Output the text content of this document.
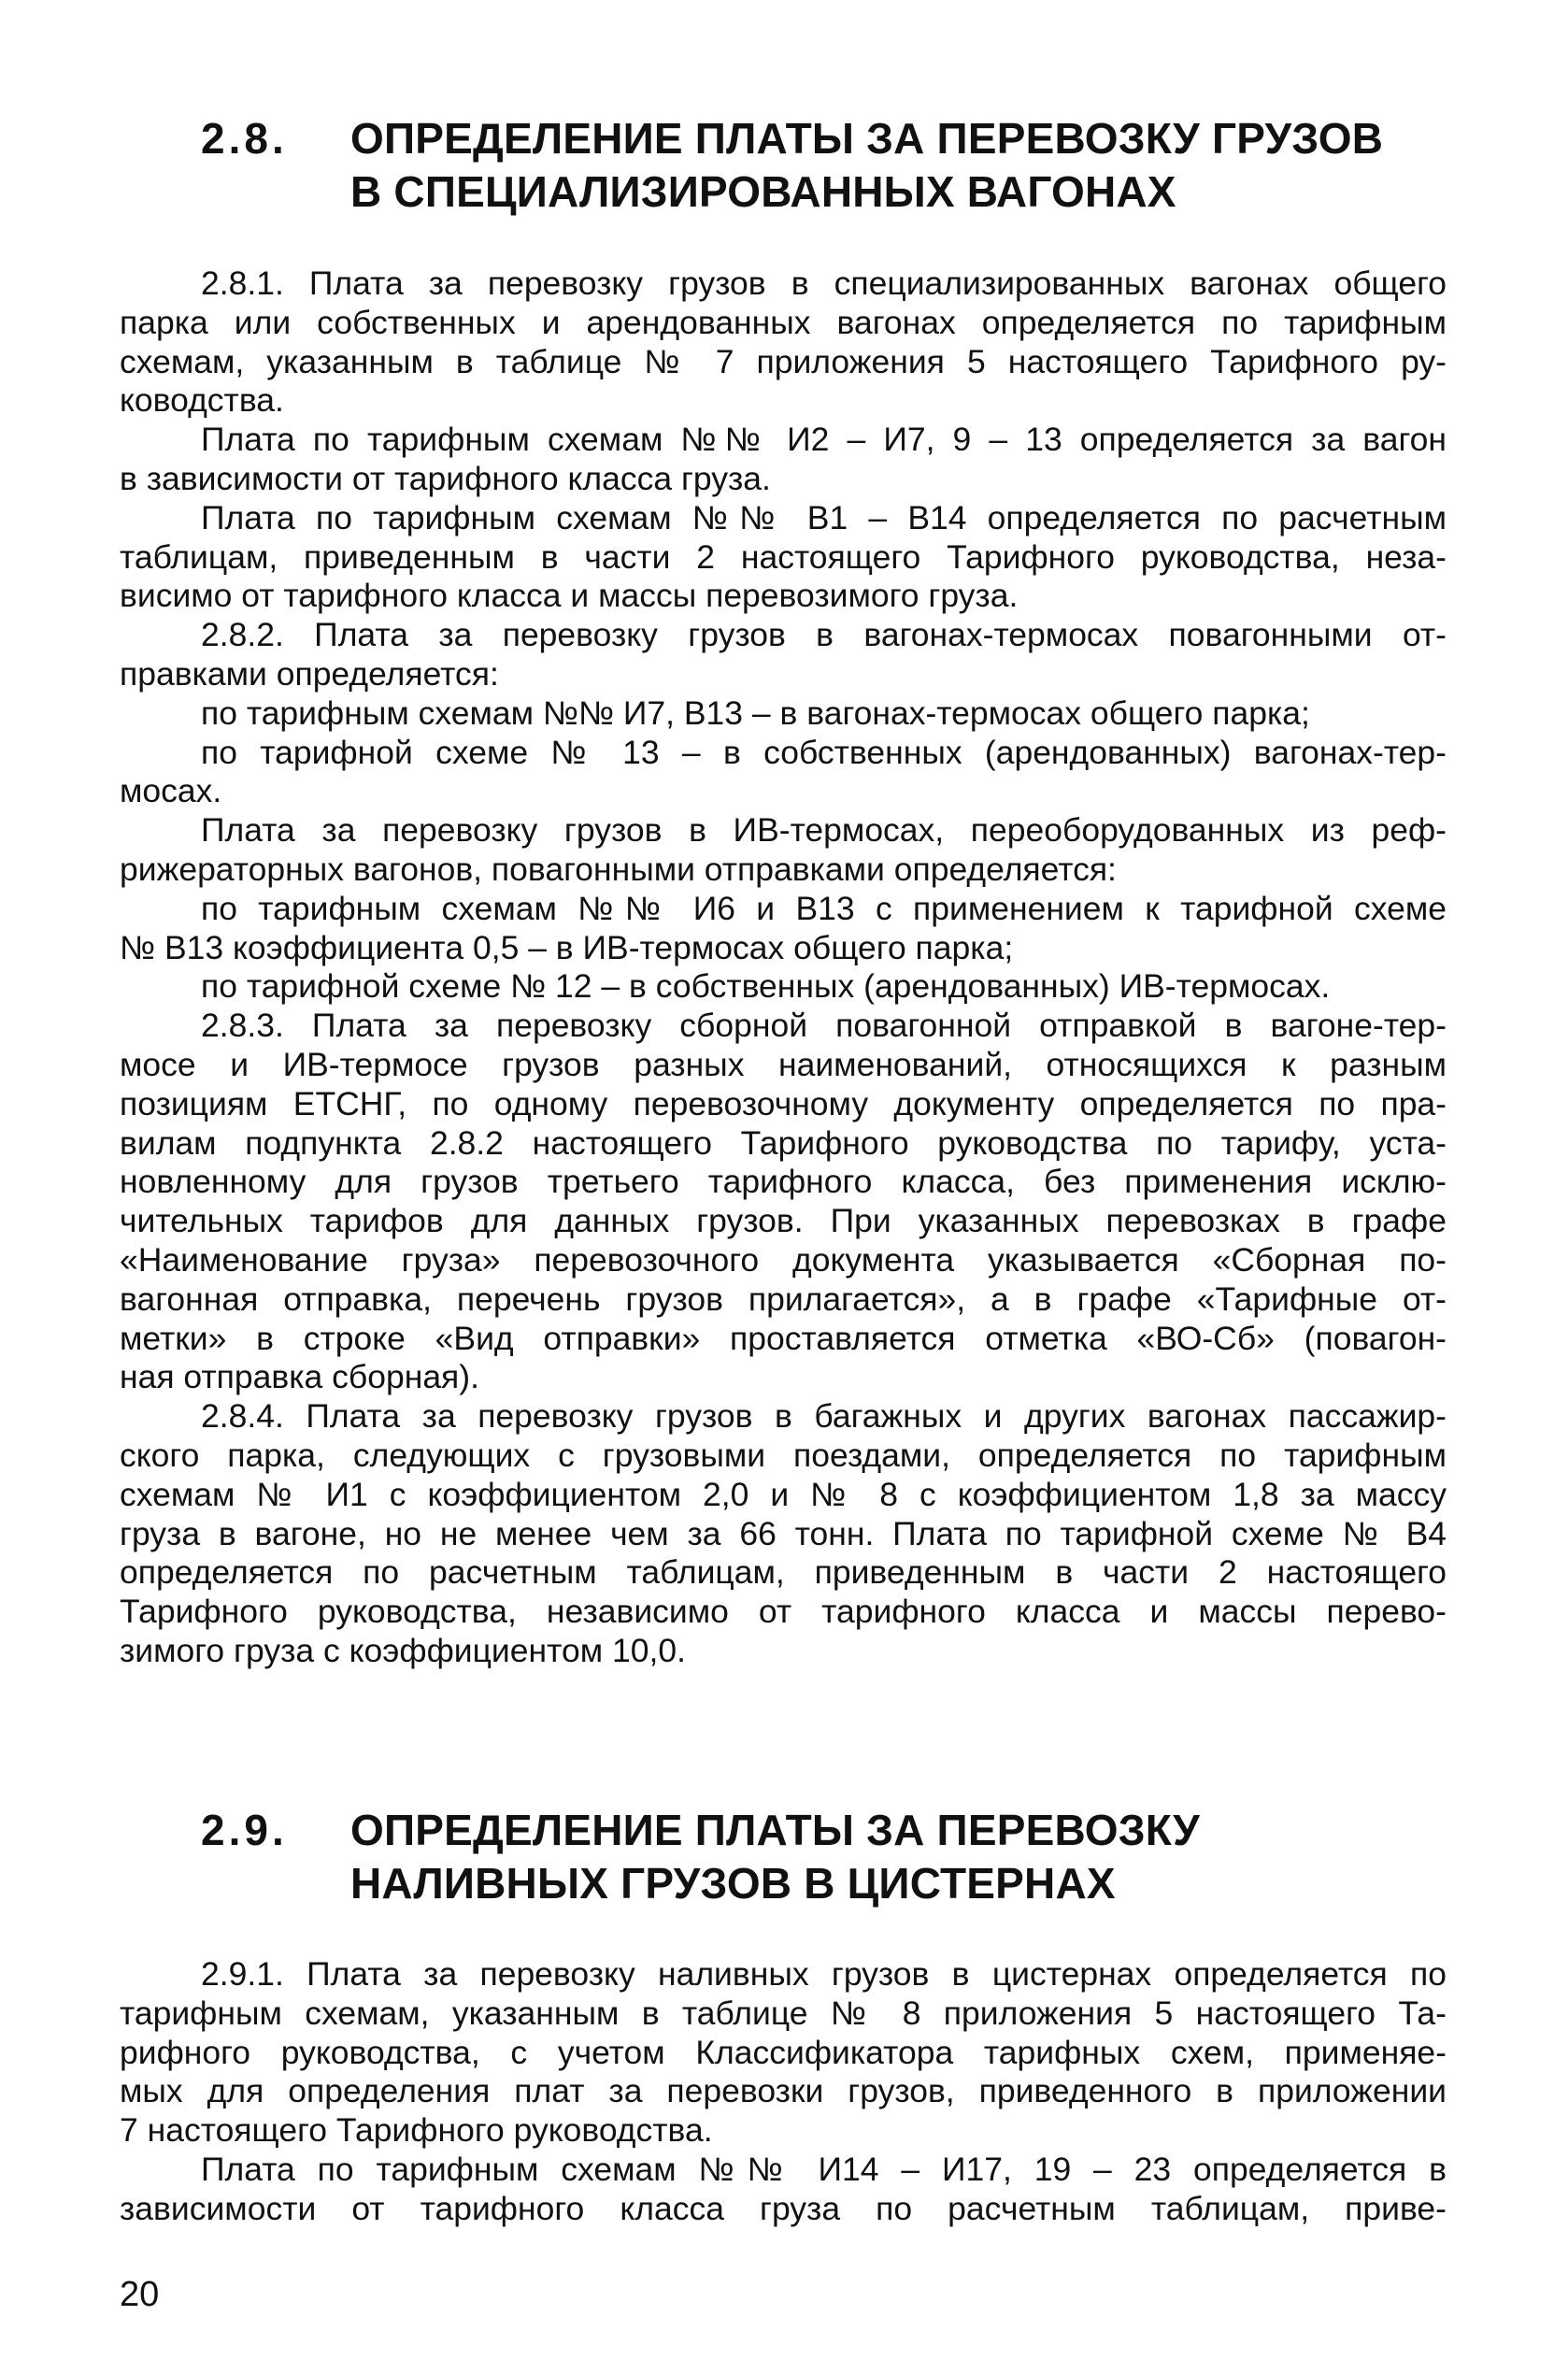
2.8. ОПРЕДЕЛЕНИЕ ПЛАТЫ ЗА ПЕРЕВОЗКУ ГРУЗОВ
В СПЕЦИАЛИЗИРОВАННЫХ ВАГОНАХ

2.8.1. Плата за перевозку грузов в специализированных вагонах общего
парка или собственных и арендованных вагонах определяется по тарифным
схемам, указанным в таблице № 7 приложения 5 настоящего Тарифного ру-
ководства.

Плата по тарифным схемам №№ И2 – И7, 9 – 13 определяется за вагон
в зависимости от тарифного класса груза.

Плата по тарифным схемам №№ В1 – В14 определяется по расчетным
таблицам, приведенным в части 2 настоящего Тарифного руководства, неза-
висимо от тарифного класса и массы перевозимого груза.

2.8.2. Плата за перевозку грузов в вагонах-термосах повагонными от-
правками определяется:

по тарифным схемам №№ И7, В13 – в вагонах-термосах общего парка;

по тарифной схеме № 13 – в собственных (арендованных) вагонах-тер-
мосах.

Плата за перевозку грузов в ИВ-термосах, переоборудованных из реф-
рижераторных вагонов, повагонными отправками определяется:

по тарифным схемам №№ И6 и В13 с применением к тарифной схеме
№ В13 коэффициента 0,5 – в ИВ-термосах общего парка;

по тарифной схеме № 12 – в собственных (арендованных) ИВ-термосах.

2.8.3. Плата за перевозку сборной повагонной отправкой в вагоне-тер-
мосе и ИВ-термосе грузов разных наименований, относящихся к разным
позициям ЕТСНГ, по одному перевозочному документу определяется по пра-
вилам подпункта 2.8.2 настоящего Тарифного руководства по тарифу, уста-
новленному для грузов третьего тарифного класса, без применения исклю-
чительных тарифов для данных грузов. При указанных перевозках в графе
«Наименование груза» перевозочного документа указывается «Сборная по-
вагонная отправка, перечень грузов прилагается», а в графе «Тарифные от-
метки» в строке «Вид отправки» проставляется отметка «ВО-Сб» (повагон-
ная отправка сборная).

2.8.4. Плата за перевозку грузов в багажных и других вагонах пассажир-
ского парка, следующих с грузовыми поездами, определяется по тарифным
схемам № И1 с коэффициентом 2,0 и № 8 с коэффициентом 1,8 за массу
груза в вагоне, но не менее чем за 66 тонн. Плата по тарифной схеме № В4
определяется по расчетным таблицам, приведенным в части 2 настоящего
Тарифного руководства, независимо от тарифного класса и массы перево-
зимого груза с коэффициентом 10,0.

2.9. ОПРЕДЕЛЕНИЕ ПЛАТЫ ЗА ПЕРЕВОЗКУ
НАЛИВНЫХ ГРУЗОВ В ЦИСТЕРНАХ

2.9.1. Плата за перевозку наливных грузов в цистернах определяется по
тарифным схемам, указанным в таблице № 8 приложения 5 настоящего Та-
рифного руководства, с учетом Классификатора тарифных схем, применяе-
мых для определения плат за перевозки грузов, приведенного в приложении
7 настоящего Тарифного руководства.

Плата по тарифным схемам №№ И14 – И17, 19 – 23 определяется в
зависимости от тарифного класса груза по расчетным таблицам, приве-

20
